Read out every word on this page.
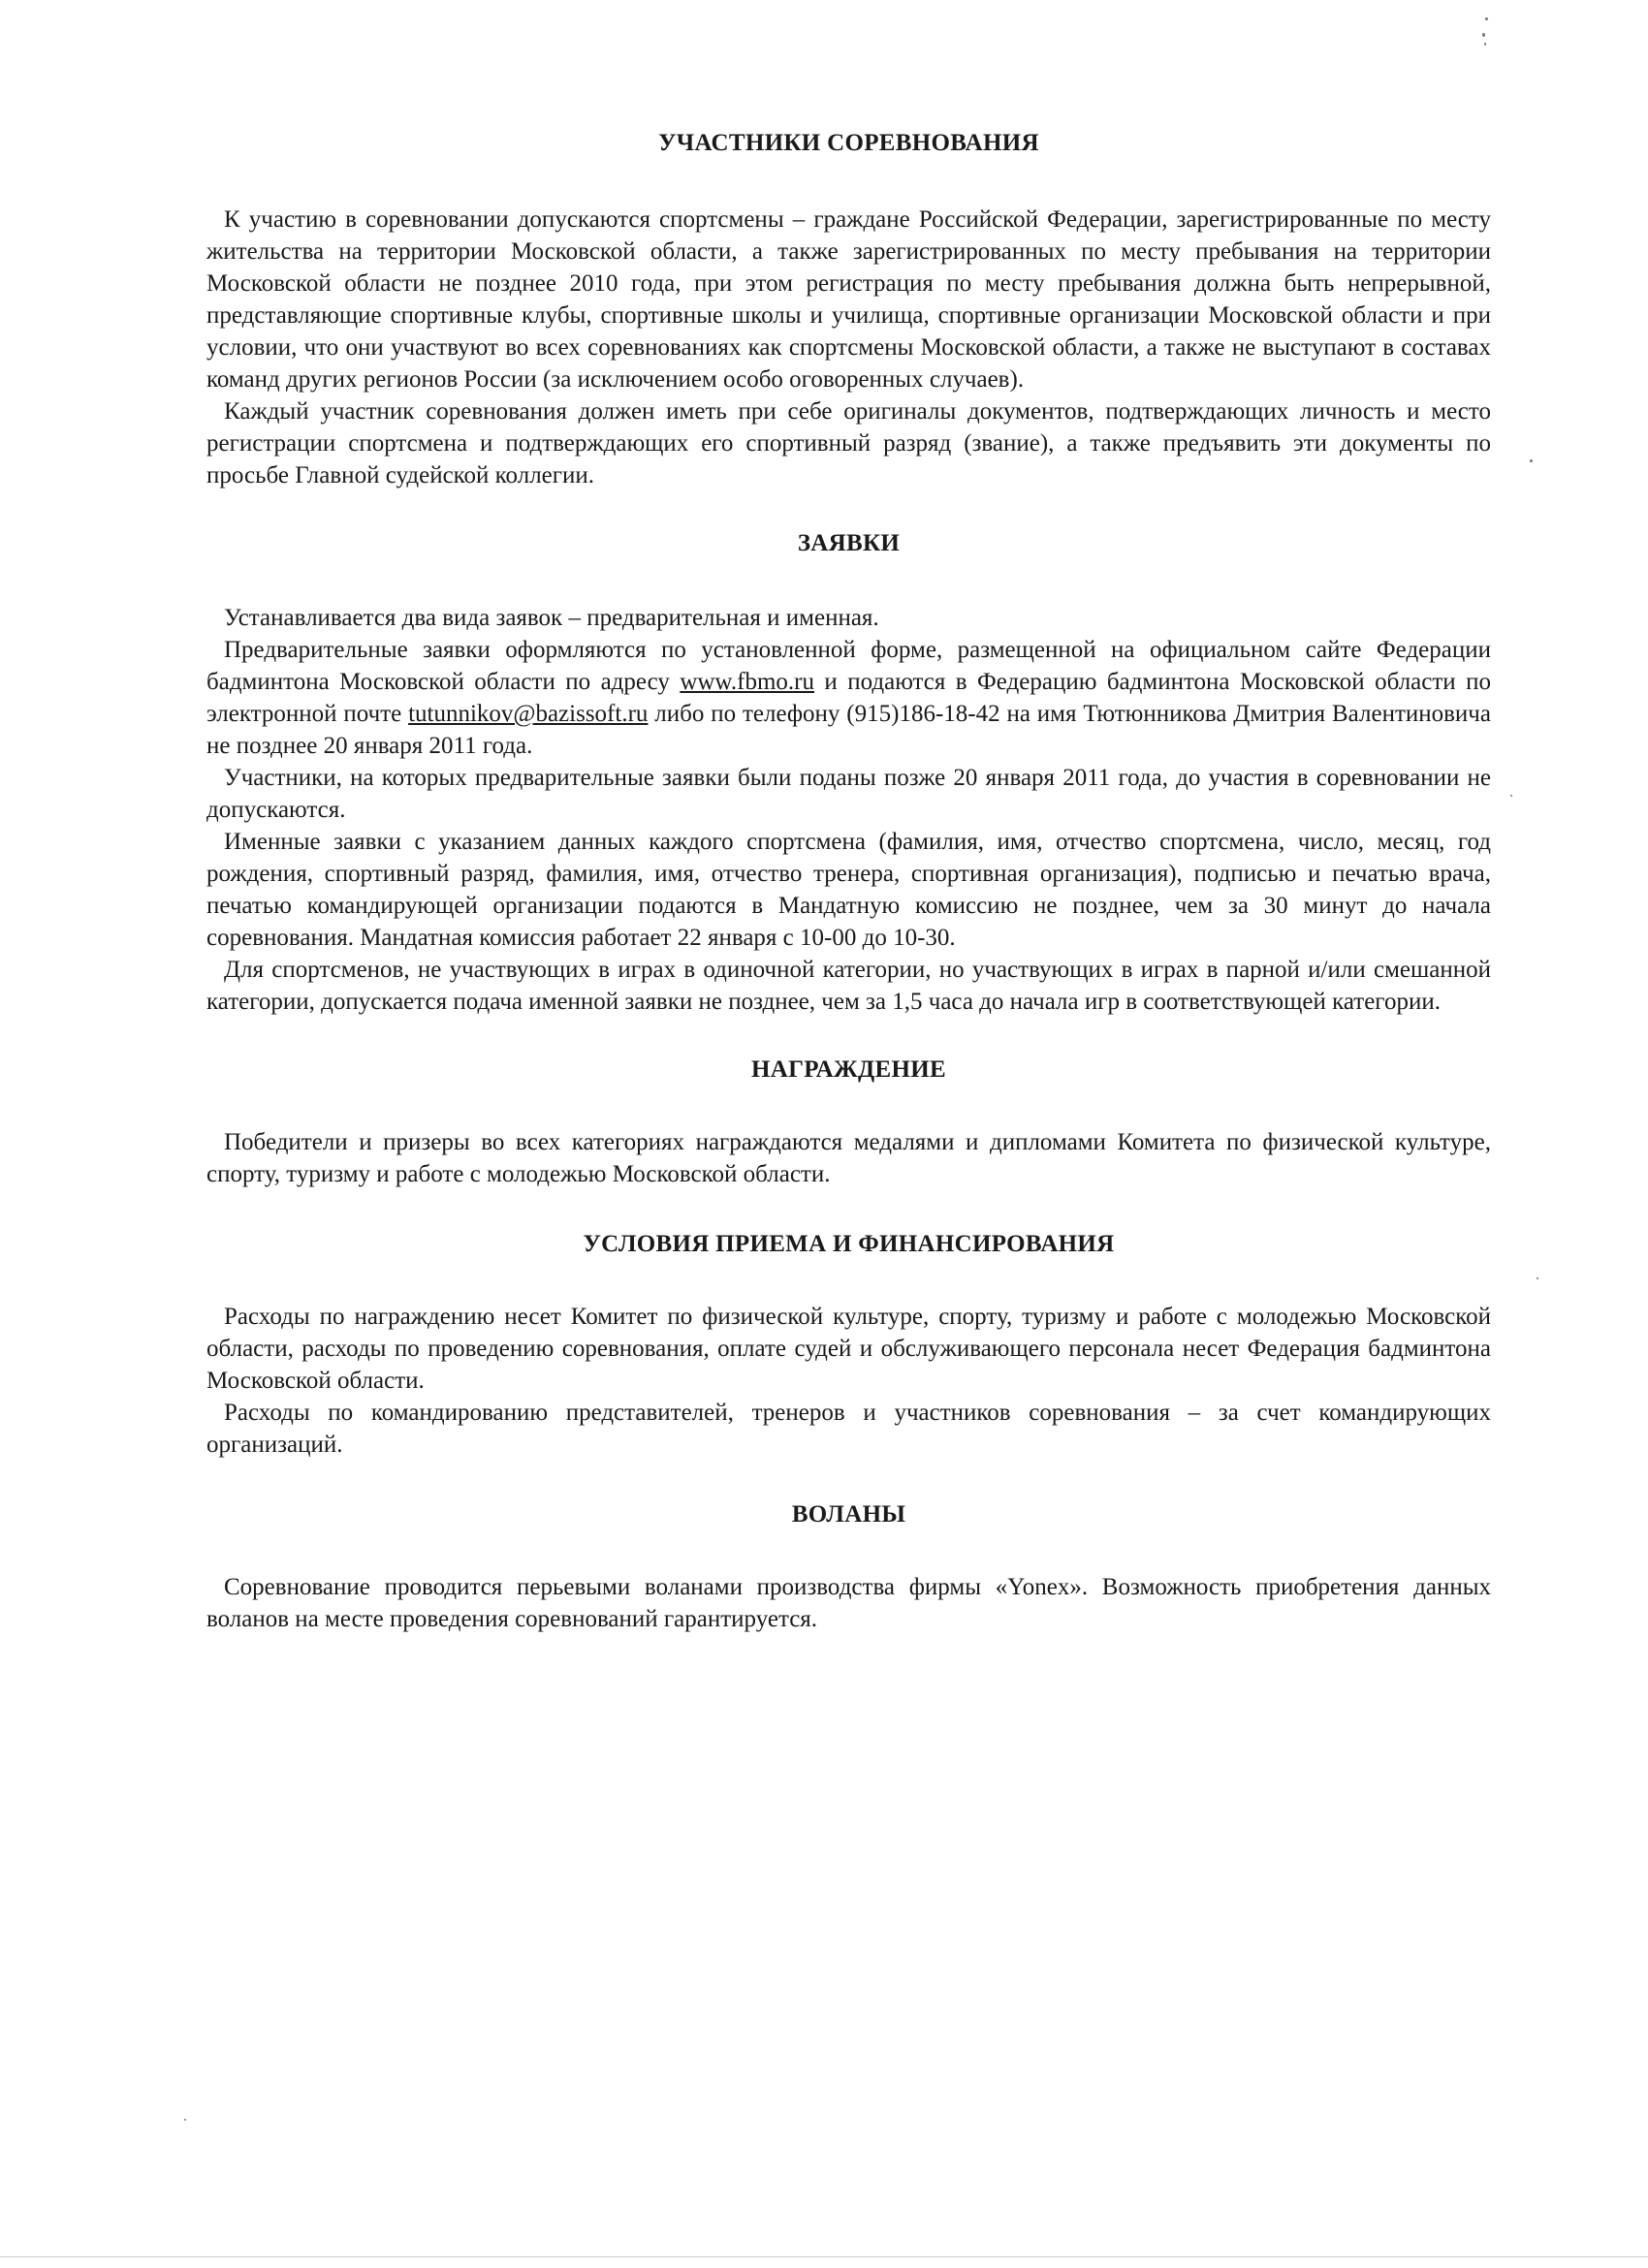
УЧАСТНИКИ СОРЕВНОВАНИЯ

К участию в соревновании допускаются спортсмены – граждане Российской Федерации, зарегистрированные по месту жительства на территории Московской области, а также зарегистрированных по месту пребывания на территории Московской области не позднее 2010 года, при этом регистрация по месту пребывания должна быть непрерывной, представляющие спортивные клубы, спортивные школы и училища, спортивные организации Московской области и при условии, что они участвуют во всех соревнованиях как спортсмены Московской области, а также не выступают в составах команд других регионов России (за исключением особо оговоренных случаев).

Каждый участник соревнования должен иметь при себе оригиналы документов, подтверждающих личность и место регистрации спортсмена и подтверждающих его спортивный разряд (звание), а также предъявить эти документы по просьбе Главной судейской коллегии.

ЗАЯВКИ

Устанавливается два вида заявок – предварительная и именная.

Предварительные заявки оформляются по установленной форме, размещенной на официальном сайте Федерации бадминтона Московской области по адресу www.fbmo.ru и подаются в Федерацию бадминтона Московской области по электронной почте tutunnikov@bazissoft.ru либо по телефону (915)186-18-42 на имя Тютюнникова Дмитрия Валентиновича не позднее 20 января 2011 года.

Участники, на которых предварительные заявки были поданы позже 20 января 2011 года, до участия в соревновании не допускаются.

Именные заявки с указанием данных каждого спортсмена (фамилия, имя, отчество спортсмена, число, месяц, год рождения, спортивный разряд, фамилия, имя, отчество тренера, спортивная организация), подписью и печатью врача, печатью командирующей организации подаются в Мандатную комиссию не позднее, чем за 30 минут до начала соревнования. Мандатная комиссия работает 22 января с 10-00 до 10-30.

Для спортсменов, не участвующих в играх в одиночной категории, но участвующих в играх в парной и/или смешанной категории, допускается подача именной заявки не позднее, чем за 1,5 часа до начала игр в соответствующей категории.

НАГРАЖДЕНИЕ

Победители и призеры во всех категориях награждаются медалями и дипломами Комитета по физической культуре, спорту, туризму и работе с молодежью Московской области.

УСЛОВИЯ ПРИЕМА И ФИНАНСИРОВАНИЯ

Расходы по награждению несет Комитет по физической культуре, спорту, туризму и работе с молодежью Московской области, расходы по проведению соревнования, оплате судей и обслуживающего персонала несет Федерация бадминтона Московской области.

Расходы по командированию представителей, тренеров и участников соревнования – за счет командирующих организаций.

ВОЛАНЫ

Соревнование проводится перьевыми воланами производства фирмы «Yonex». Возможность приобретения данных воланов на месте проведения соревнований гарантируется.
